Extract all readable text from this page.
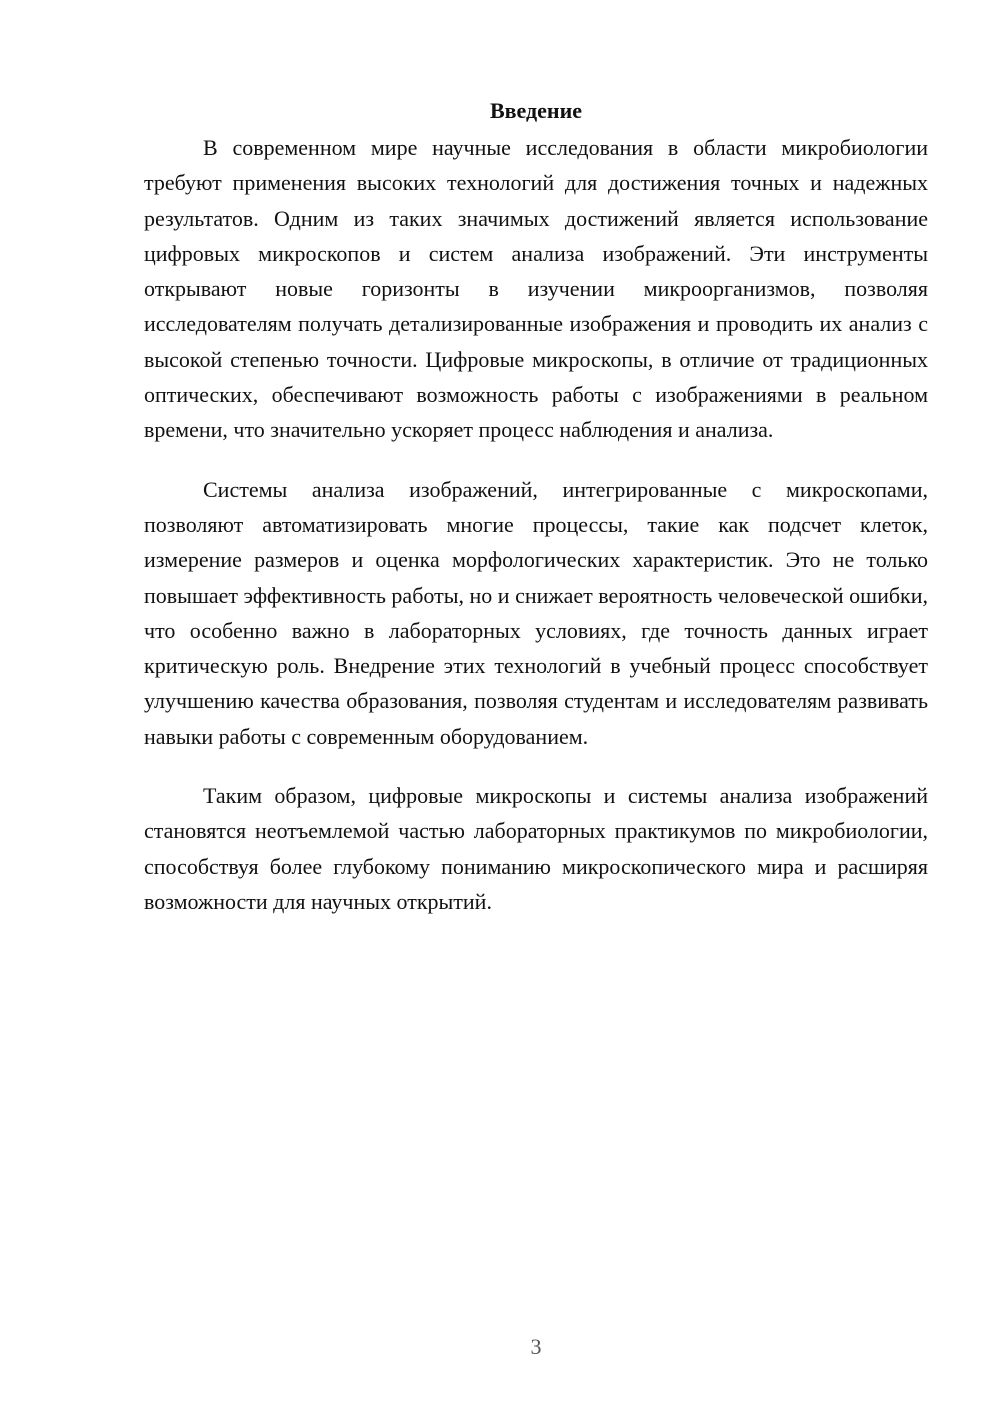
Введение

В современном мире научные исследования в области микробиологии требуют применения высоких технологий для достижения точных и надежных результатов. Одним из таких значимых достижений является использование цифровых микроскопов и систем анализа изображений. Эти инструменты открывают новые горизонты в изучении микроорганизмов, позволяя исследователям получать детализированные изображения и проводить их анализ с высокой степенью точности. Цифровые микроскопы, в отличие от традиционных оптических, обеспечивают возможность работы с изображениями в реальном времени, что значительно ускоряет процесс наблюдения и анализа.

Системы анализа изображений, интегрированные с микроскопами, позволяют автоматизировать многие процессы, такие как подсчет клеток, измерение размеров и оценка морфологических характеристик. Это не только повышает эффективность работы, но и снижает вероятность человеческой ошибки, что особенно важно в лабораторных условиях, где точность данных играет критическую роль. Внедрение этих технологий в учебный процесс способствует улучшению качества образования, позволяя студентам и исследователям развивать навыки работы с современным оборудованием.

Таким образом, цифровые микроскопы и системы анализа изображений становятся неотъемлемой частью лабораторных практикумов по микробиологии, способствуя более глубокому пониманию микроскопического мира и расширяя возможности для научных открытий.

3
